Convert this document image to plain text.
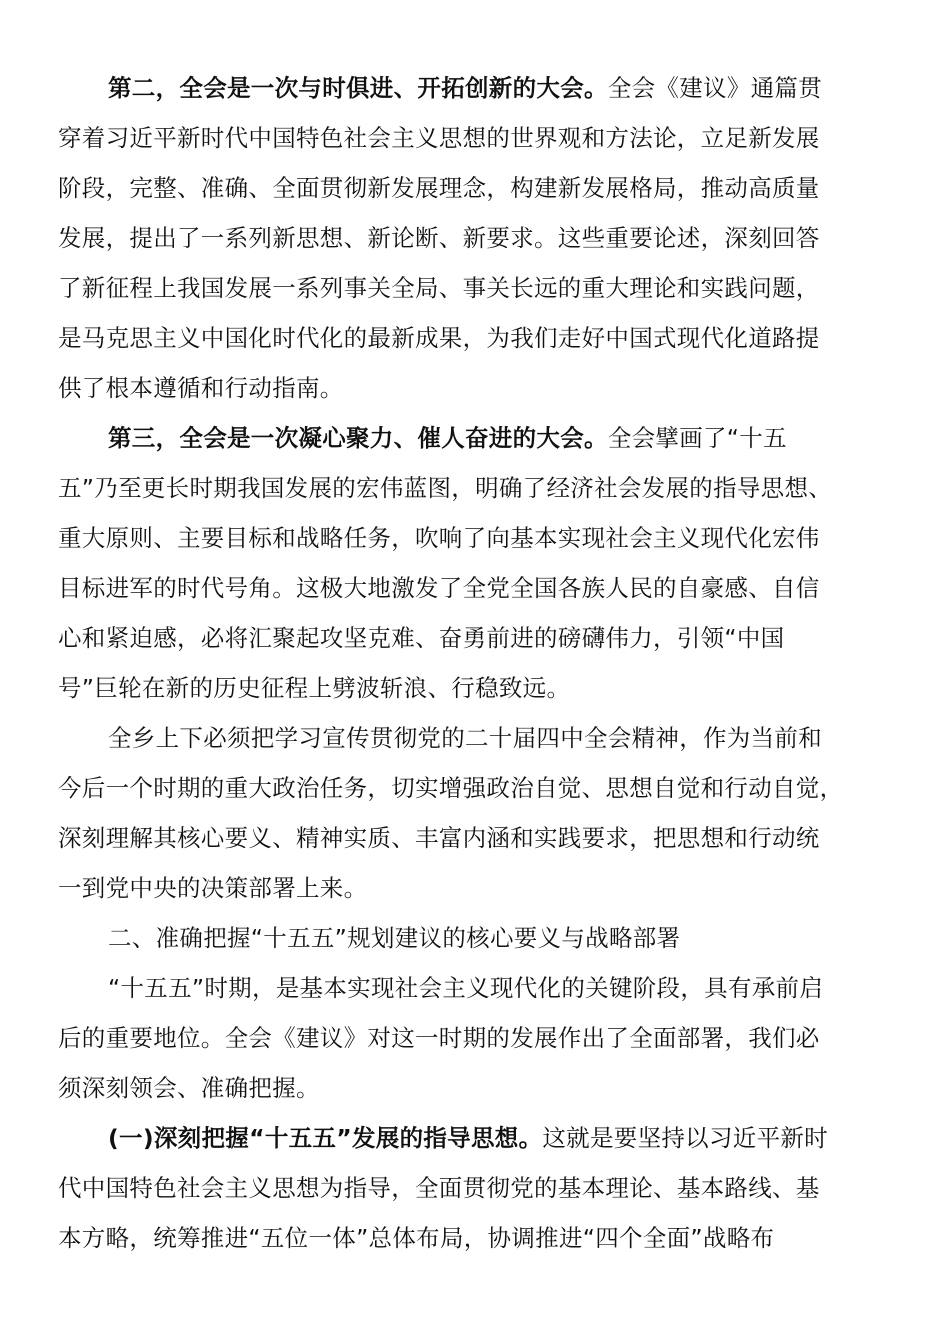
第二，全会是一次与时俱进、开拓创新的大会。全会《建议》通篇贯
穿着习近平新时代中国特色社会主义思想的世界观和方法论，立足新发展
阶段，完整、准确、全面贯彻新发展理念，构建新发展格局，推动高质量
发展，提出了一系列新思想、新论断、新要求。这些重要论述，深刻回答
了新征程上我国发展一系列事关全局、事关长远的重大理论和实践问题，
是马克思主义中国化时代化的最新成果，为我们走好中国式现代化道路提
供了根本遵循和行动指南。
第三，全会是一次凝心聚力、催人奋进的大会。全会擘画了“十五
五”乃至更长时期我国发展的宏伟蓝图，明确了经济社会发展的指导思想、
重大原则、主要目标和战略任务，吹响了向基本实现社会主义现代化宏伟
目标进军的时代号角。这极大地激发了全党全国各族人民的自豪感、自信
心和紧迫感，必将汇聚起攻坚克难、奋勇前进的磅礴伟力，引领“中国
号”巨轮在新的历史征程上劈波斩浪、行稳致远。
全乡上下必须把学习宣传贯彻党的二十届四中全会精神，作为当前和
今后一个时期的重大政治任务，切实增强政治自觉、思想自觉和行动自觉，
深刻理解其核心要义、精神实质、丰富内涵和实践要求，把思想和行动统
一到党中央的决策部署上来。
二、准确把握“十五五”规划建议的核心要义与战略部署
“十五五”时期，是基本实现社会主义现代化的关键阶段，具有承前启
后的重要地位。全会《建议》对这一时期的发展作出了全面部署，我们必
须深刻领会、准确把握。
(一)深刻把握“十五五”发展的指导思想。这就是要坚持以习近平新时
代中国特色社会主义思想为指导，全面贯彻党的基本理论、基本路线、基
本方略，统筹推进“五位一体”总体布局，协调推进“四个全面”战略布
